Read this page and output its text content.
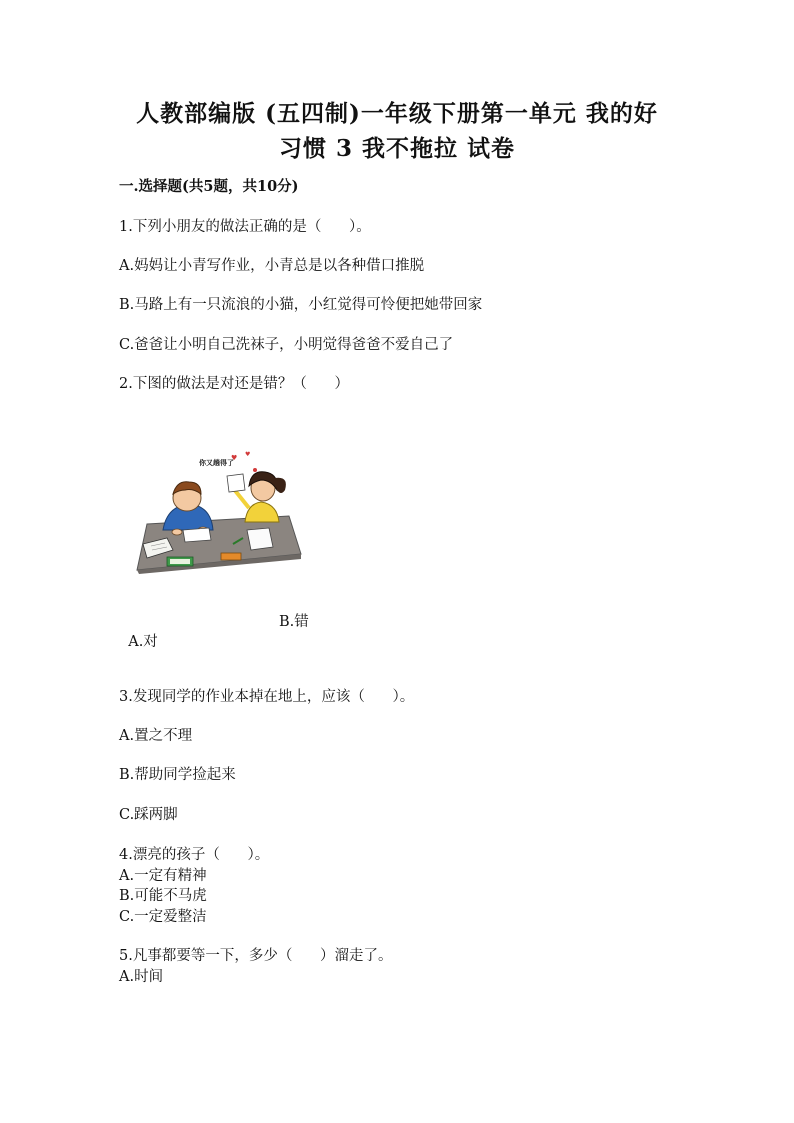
人教部编版 (五四制)一年级下册第一单元 我的好
习惯 3 我不拖拉 试卷
一.选择题(共5题，共10分)
1.下列小朋友的做法正确的是（      ）。
A.妈妈让小青写作业，小青总是以各种借口推脱
B.马路上有一只流浪的小猫，小红觉得可怜便把她带回家
C.爸爸让小明自己洗袜子，小明觉得爸爸不爱自己了
2.下图的做法是对还是错？（      ）
你又趟得了
♥ ♥

A.对

B.错

3.发现同学的作业本掉在地上，应该（      ）。
A.置之不理
B.帮助同学捡起来
C.踩两脚
4.漂亮的孩子（      ）。
A.一定有精神
B.可能不马虎
C.一定爱整洁
5.凡事都要等一下，多少（      ）溜走了。
A.时间
